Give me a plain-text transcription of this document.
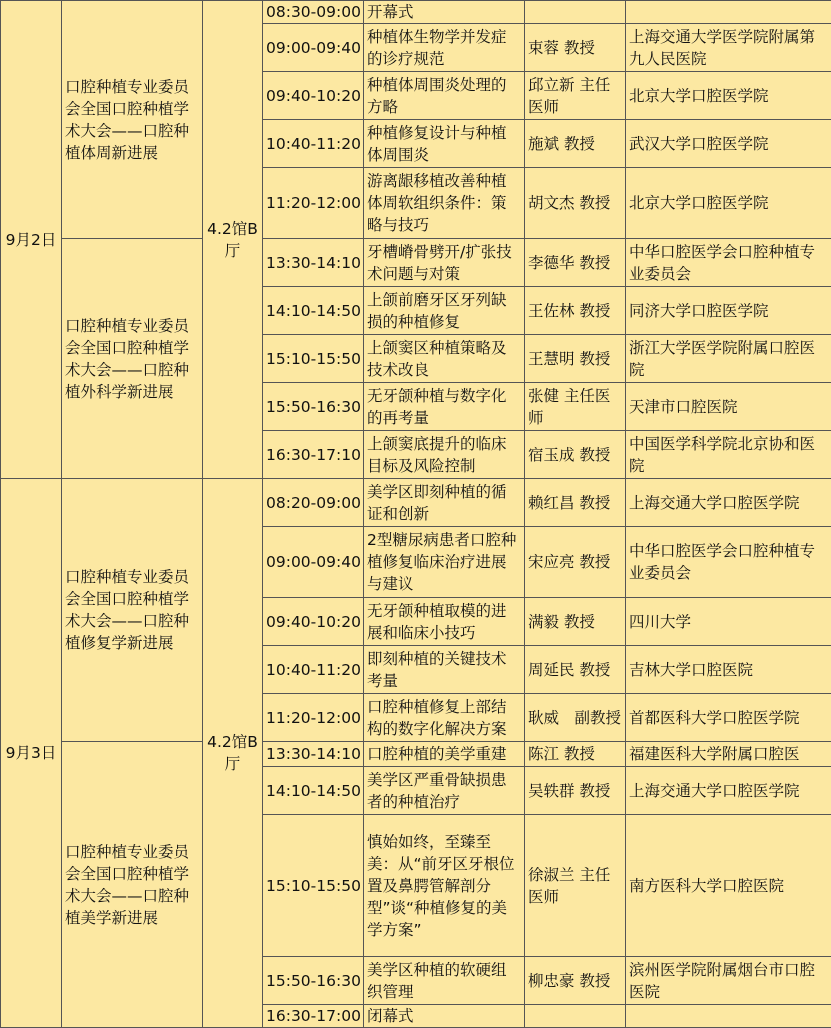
9月2日	口腔种植专业委员会全国口腔种植学术大会——口腔种植体周新进展	4.2馆B厅	08:30-09:00	开幕式		
			09:00-09:40	种植体生物学并发症的诊疗规范	束蓉 教授	上海交通大学医学院附属第九人民医院
			09:40-10:20	种植体周围炎处理的方略	邱立新 主任医师	北京大学口腔医学院
			10:40-11:20	种植修复设计与种植体周围炎	施斌 教授	武汉大学口腔医学院
			11:20-12:00	游离龈移植改善种植体周软组织条件：策略与技巧	胡文杰 教授	北京大学口腔医学院
	口腔种植专业委员会全国口腔种植学术大会——口腔种植外科学新进展		13:30-14:10	牙槽嵴骨劈开/扩张技术问题与对策	李德华 教授	中华口腔医学会口腔种植专业委员会
			14:10-14:50	上颌前磨牙区牙列缺损的种植修复	王佐林 教授	同济大学口腔医学院
			15:10-15:50	上颌窦区种植策略及技术改良	王慧明 教授	浙江大学医学院附属口腔医院
			15:50-16:30	无牙颌种植与数字化的再考量	张健 主任医师	天津市口腔医院
			16:30-17:10	上颌窦底提升的临床目标及风险控制	宿玉成 教授	中国医学科学院北京协和医院
9月3日	口腔种植专业委员会全国口腔种植学术大会——口腔种植修复学新进展	4.2馆B厅	08:20-09:00	美学区即刻种植的循证和创新	赖红昌 教授	上海交通大学口腔医学院
			09:00-09:40	2型糖尿病患者口腔种植修复临床治疗进展与建议	宋应亮 教授	中华口腔医学会口腔种植专业委员会
			09:40-10:20	无牙颌种植取模的进展和临床小技巧	满毅 教授	四川大学
			10:40-11:20	即刻种植的关键技术考量	周延民 教授	吉林大学口腔医院
			11:20-12:00	口腔种植修复上部结构的数字化解决方案	耿威　副教授	首都医科大学口腔医学院
	口腔种植专业委员会全国口腔种植学术大会——口腔种植美学新进展		13:30-14:10	口腔种植的美学重建	陈江 教授	福建医科大学附属口腔医
			14:10-14:50	美学区严重骨缺损患者的种植治疗	吴轶群 教授	上海交通大学口腔医学院
			15:10-15:50	慎始如终，至臻至美：从“前牙区牙根位置及鼻腭管解剖分型”谈“种植修复的美学方案”	徐淑兰 主任医师	南方医科大学口腔医院
			15:50-16:30	美学区种植的软硬组织管理	柳忠豪 教授	滨州医学院附属烟台市口腔医院
			16:30-17:00	闭幕式		
